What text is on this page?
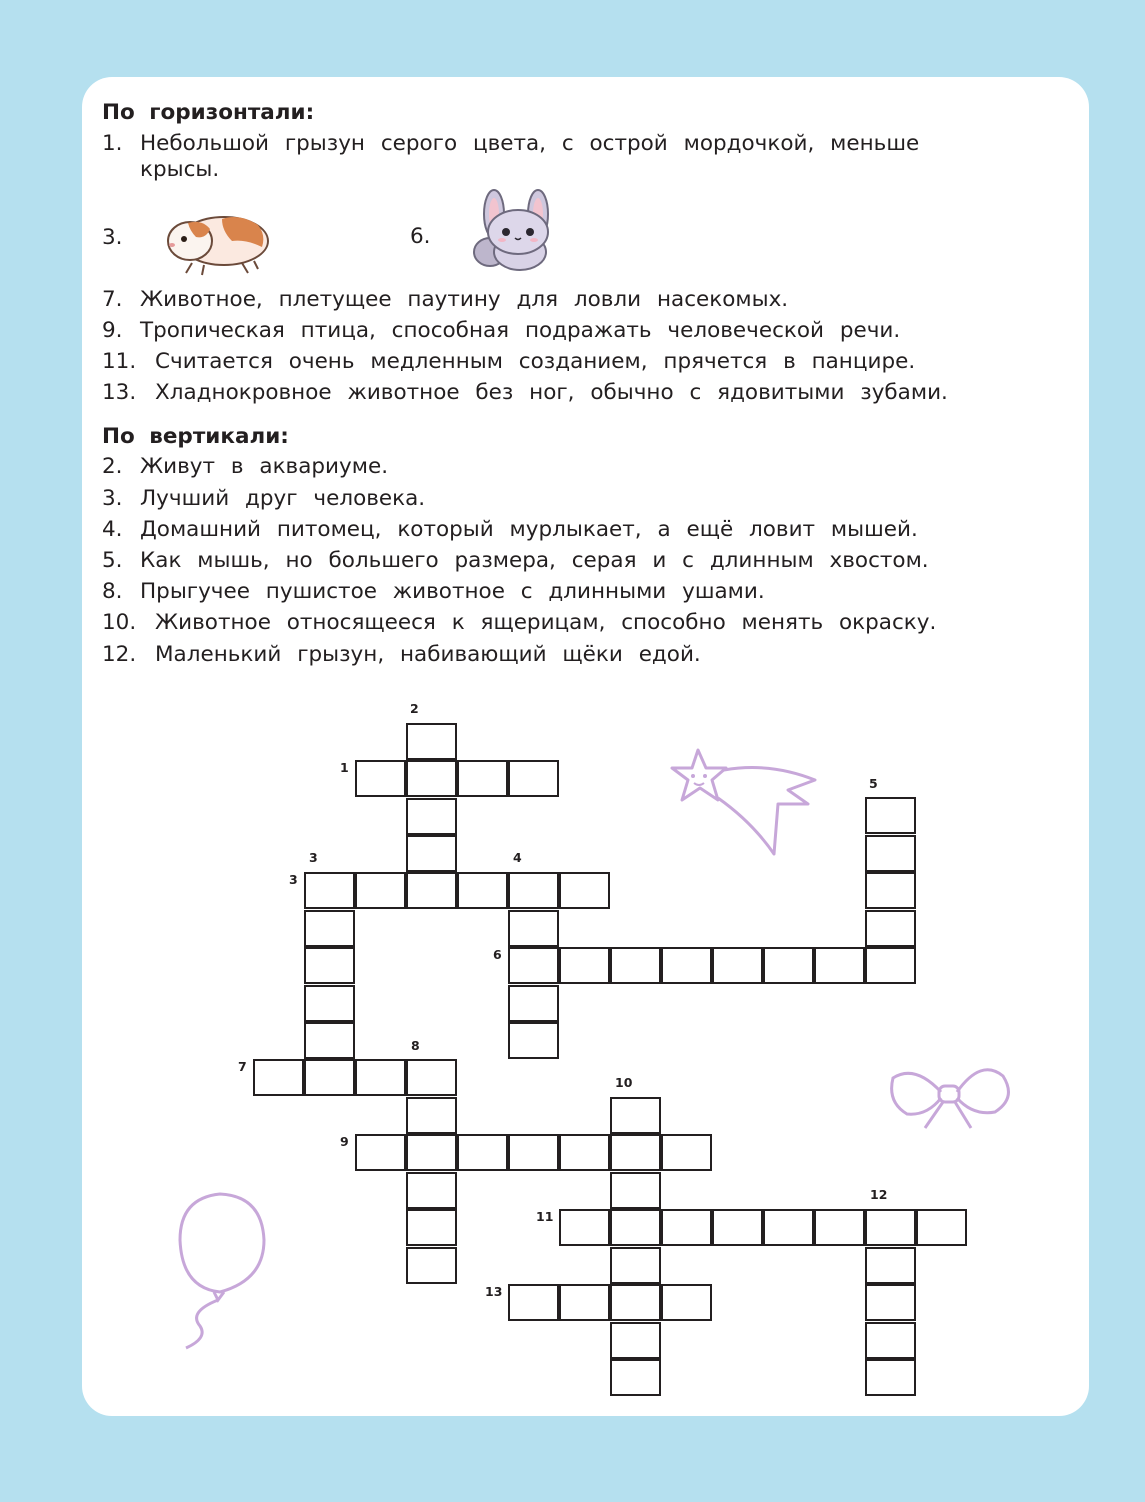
По горизонтали:
1. Небольшой грызун серого цвета, с острой мордочкой, меньше
крысы.
3.	6.
7. Животное, плетущее паутину для ловли насекомых.
9. Тропическая птица, способная подражать человеческой речи.
11. Считается очень медленным созданием, прячется в панцире.
13. Хладнокровное животное без ног, обычно с ядовитыми зубами.
По вертикали:
2. Живут в аквариуме.
3. Лучший друг человека.
4. Домашний питомец, который мурлыкает, а ещё ловит мышей.
5. Как мышь, но большего размера, серая и с длинным хвостом.
8. Прыгучее пушистое животное с длинными ушами.
10. Животное относящееся к ящерицам, способно менять окраску.
12. Маленький грызун, набивающий щёки едой.
1
2
3
3
4
5
6
7
8
9
10
11
12
13
